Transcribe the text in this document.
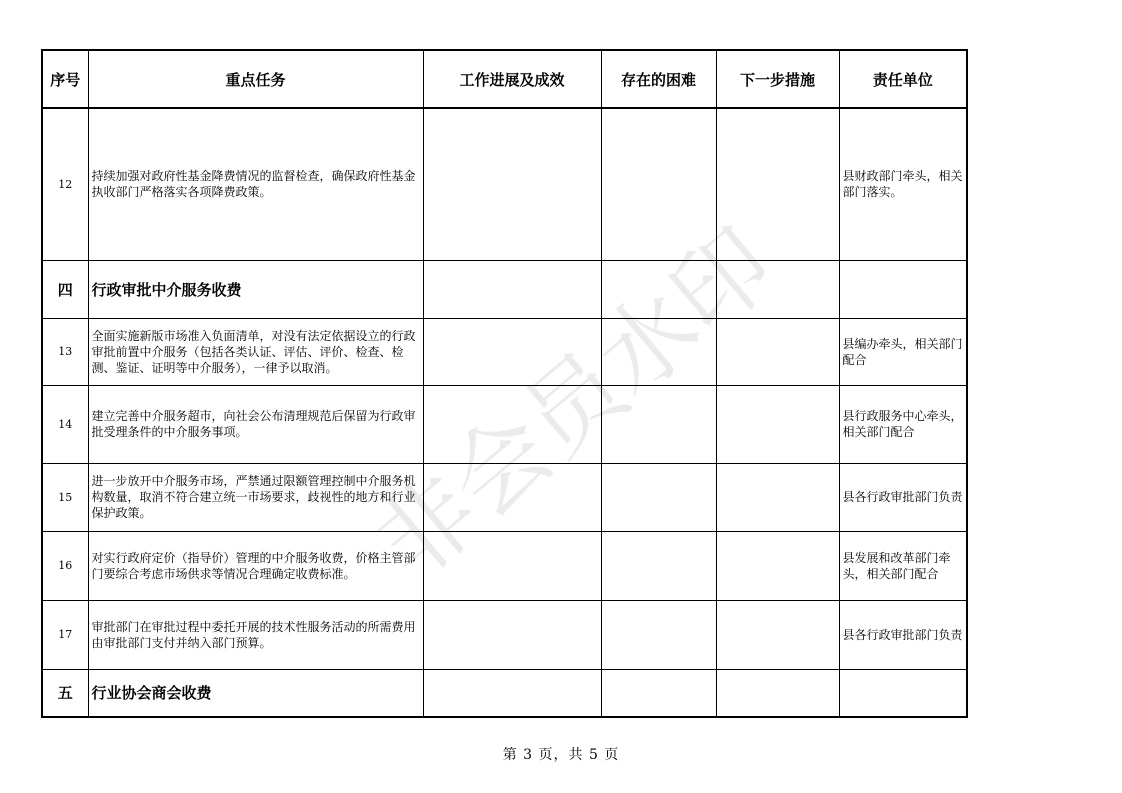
序号	重点任务	工作进展及成效	存在的困难	下一步措施	责任单位
12	持续加强对政府性基金降费情况的监督检查，确保政府性基金执收部门严格落实各项降费政策。				县财政部门牵头，相关部门落实。
四	行政审批中介服务收费				
13	全面实施新版市场准入负面清单，对没有法定依据设立的行政审批前置中介服务（包括各类认证、评估、评价、检查、检测、鉴证、证明等中介服务），一律予以取消。				县编办牵头，相关部门配合
14	建立完善中介服务超市，向社会公布清理规范后保留为行政审批受理条件的中介服务事项。				县行政服务中心牵头，相关部门配合
15	进一步放开中介服务市场，严禁通过限额管理控制中介服务机构数量，取消不符合建立统一市场要求，歧视性的地方和行业保护政策。				县各行政审批部门负责
16	对实行政府定价（指导价）管理的中介服务收费，价格主管部门要综合考虑市场供求等情况合理确定收费标准。				县发展和改革部门牵头，相关部门配合
17	审批部门在审批过程中委托开展的技术性服务活动的所需费用由审批部门支付并纳入部门预算。				县各行政审批部门负责
五	行业协会商会收费				
非会员水印
第 3 页，共 5 页
